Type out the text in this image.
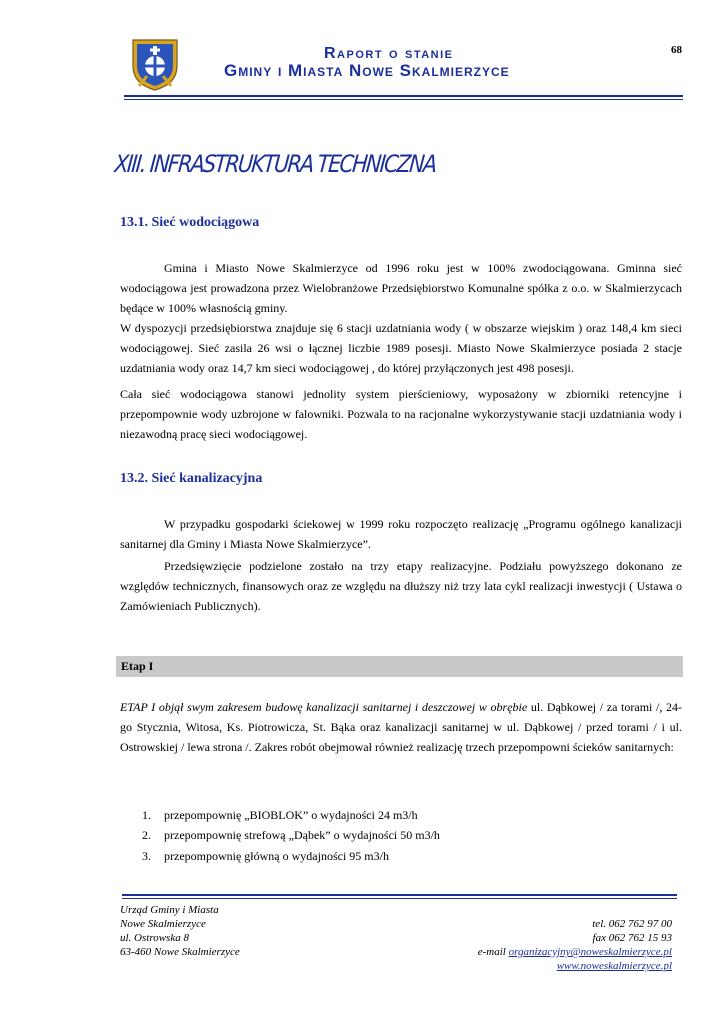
Raport o stanie
Gminy i Miasta Nowe Skalmierzyce
68
XIII. INFRASTRUKTURA TECHNICZNA
13.1. Sieć wodociągowa

Gmina i Miasto Nowe Skalmierzyce od 1996 roku jest w 100% zwodociągowana. Gminna sieć wodociągowa jest prowadzona przez Wielobranżowe Przedsiębiorstwo Komunalne spółka z o.o. w Skalmierzycach będące w 100% własnością gminy.

W dyspozycji przedsiębiorstwa znajduje się 6 stacji uzdatniania wody ( w obszarze wiejskim ) oraz 148,4 km sieci wodociągowej. Sieć zasila 26 wsi o łącznej liczbie 1989 posesji. Miasto Nowe Skalmierzyce posiada 2 stacje uzdatniania wody oraz 14,7 km sieci wodociągowej , do której przyłączonych jest 498 posesji.

Cała sieć wodociągowa stanowi jednolity system pierścieniowy, wyposażony w zbiorniki retencyjne i przepompownie wody uzbrojone w falowniki. Pozwala to na racjonalne wykorzystywanie stacji uzdatniania wody i niezawodną pracę sieci wodociągowej.

13.2. Sieć kanalizacyjna

W przypadku gospodarki ściekowej w 1999 roku rozpoczęto realizację „Programu ogólnego kanalizacji sanitarnej dla Gminy i Miasta Nowe Skalmierzyce”.

Przedsięwzięcie podzielone zostało na trzy etapy realizacyjne. Podziału powyższego dokonano ze względów technicznych, finansowych oraz ze względu na dłuższy niż trzy lata cykl realizacji inwestycji ( Ustawa o Zamówieniach Publicznych).

Etap I

ETAP I objął swym zakresem budowę kanalizacji sanitarnej i deszczowej w obrębie ul. Dąbkowej / za torami /, 24-go Stycznia, Witosa, Ks. Piotrowicza, St. Bąka oraz kanalizacji sanitarnej w ul. Dąbkowej / przed torami / i ul. Ostrowskiej / lewa strona /. Zakres robót obejmował również realizację trzech przepompowni ścieków sanitarnych:

1. przepompownię „BIOBLOK” o wydajności 24 m3/h
2. przepompownię strefową „Dąbek” o wydajności 50 m3/h
3. przepompownię główną o wydajności 95 m3/h
Urząd Gminy i Miasta
Nowe Skalmierzyce
ul. Ostrowska 8
63-460 Nowe Skalmierzyce
tel. 062 762 97 00
fax 062 762 15 93
e-mail organizacyjny@noweskalmierzyce.pl
www.noweskalmierzyce.pl
